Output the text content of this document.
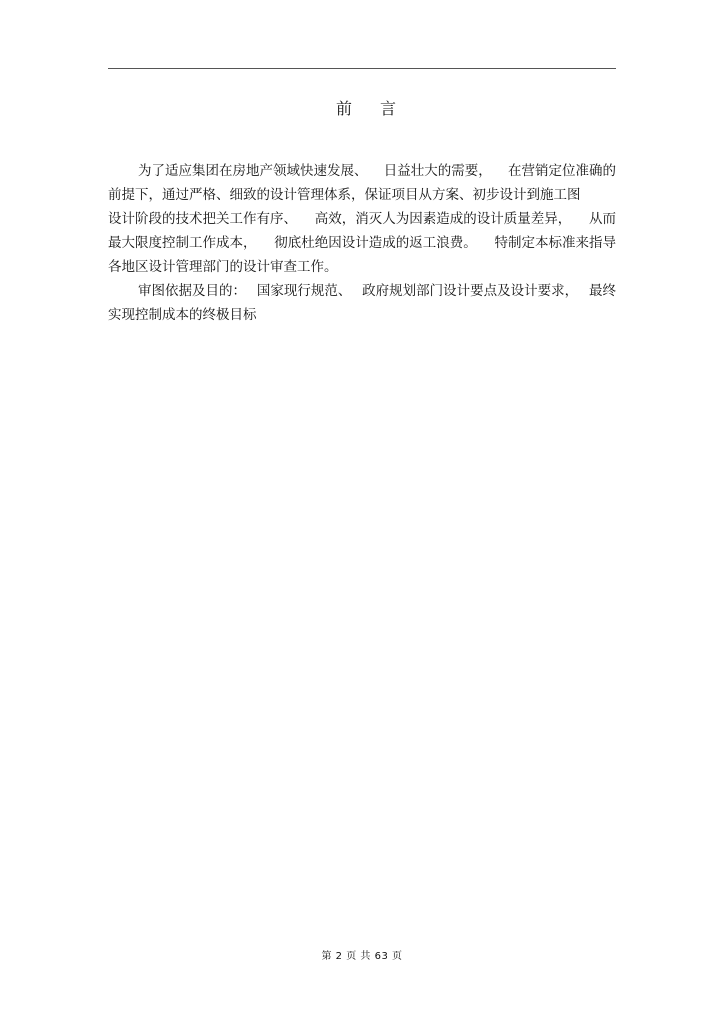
前言
为了适应集团在房地产领域快速发展、 日益壮大的需要， 在营销定位准确的
前提下，通过严格、细致的设计管理体系，保证项目从方案、初步设计到施工图
设计阶段的技术把关工作有序、 高效，消灭人为因素造成的设计质量差异， 从而
最大限度控制工作成本， 彻底杜绝因设计造成的返工浪费。 特制定本标准来指导
各地区设计管理部门的设计审查工作。
审图依据及目的： 国家现行规范、 政府规划部门设计要点及设计要求， 最终
实现控制成本的终极目标
第 2 页 共 63 页
